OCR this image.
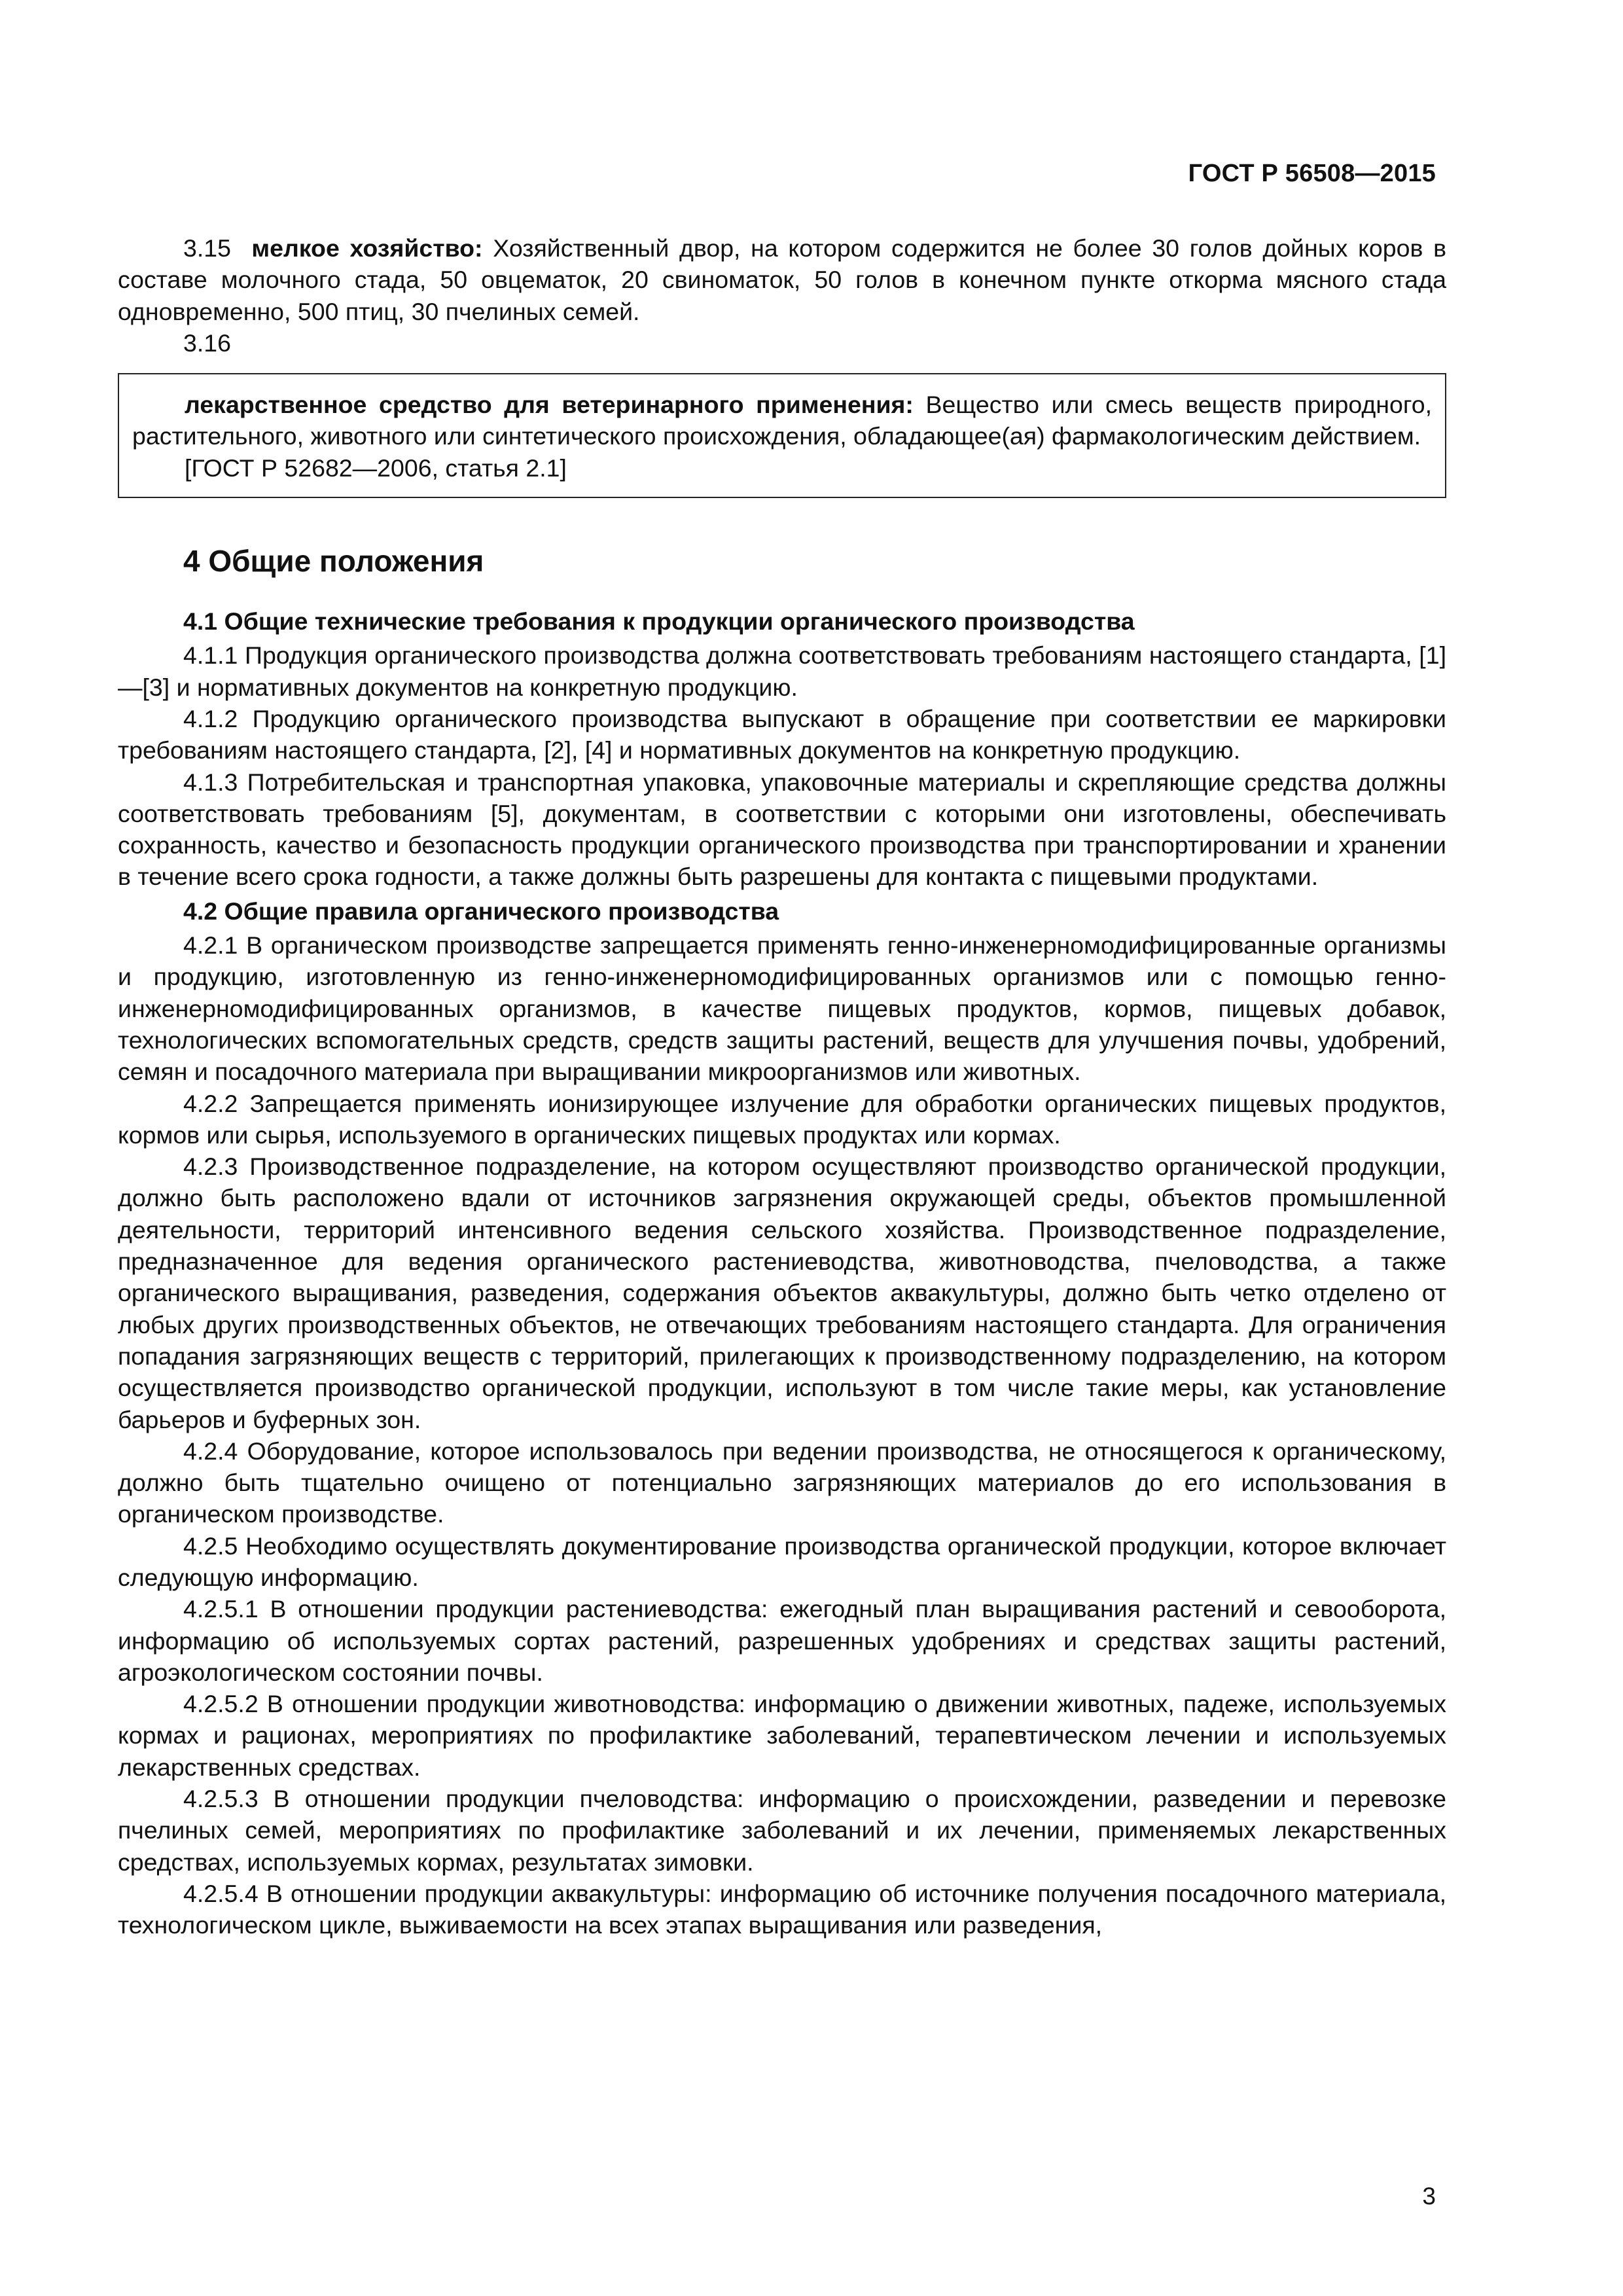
ГОСТ Р 56508—2015

3.15 мелкое хозяйство: Хозяйственный двор, на котором содержится не более 30 голов дойных коров в составе молочного стада, 50 овцематок, 20 свиноматок, 50 голов в конечном пункте откорма мясного стада одновременно, 500 птиц, 30 пчелиных семей.

3.16

лекарственное средство для ветеринарного применения: Вещество или смесь веществ природного, растительного, животного или синтетического происхождения, обладающее(ая) фармакологическим действием.

[ГОСТ Р 52682—2006, статья 2.1]

4 Общие положения
4.1 Общие технические требования к продукции органического производства

4.1.1 Продукция органического производства должна соответствовать требованиям настоящего стандарта, [1]—[3] и нормативных документов на конкретную продукцию.

4.1.2 Продукцию органического производства выпускают в обращение при соответствии ее маркировки требованиям настоящего стандарта, [2], [4] и нормативных документов на конкретную продукцию.

4.1.3 Потребительская и транспортная упаковка, упаковочные материалы и скрепляющие средства должны соответствовать требованиям [5], документам, в соответствии с которыми они изготовлены, обеспечивать сохранность, качество и безопасность продукции органического производства при транспортировании и хранении в течение всего срока годности, а также должны быть разрешены для контакта с пищевыми продуктами.

4.2 Общие правила органического производства

4.2.1 В органическом производстве запрещается применять генно-инженерномодифицированные организмы и продукцию, изготовленную из генно-инженерномодифицированных организмов или с помощью генно-инженерномодифицированных организмов, в качестве пищевых продуктов, кормов, пищевых добавок, технологических вспомогательных средств, средств защиты растений, веществ для улучшения почвы, удобрений, семян и посадочного материала при выращивании микроорганизмов или животных.

4.2.2 Запрещается применять ионизирующее излучение для обработки органических пищевых продуктов, кормов или сырья, используемого в органических пищевых продуктах или кормах.

4.2.3 Производственное подразделение, на котором осуществляют производство органической продукции, должно быть расположено вдали от источников загрязнения окружающей среды, объектов промышленной деятельности, территорий интенсивного ведения сельского хозяйства. Производственное подразделение, предназначенное для ведения органического растениеводства, животноводства, пчеловодства, а также органического выращивания, разведения, содержания объектов аквакультуры, должно быть четко отделено от любых других производственных объектов, не отвечающих требованиям настоящего стандарта. Для ограничения попадания загрязняющих веществ с территорий, прилегающих к производственному подразделению, на котором осуществляется производство органической продукции, используют в том числе такие меры, как установление барьеров и буферных зон.

4.2.4 Оборудование, которое использовалось при ведении производства, не относящегося к органическому, должно быть тщательно очищено от потенциально загрязняющих материалов до его использования в органическом производстве.

4.2.5 Необходимо осуществлять документирование производства органической продукции, которое включает следующую информацию.

4.2.5.1 В отношении продукции растениеводства: ежегодный план выращивания растений и севооборота, информацию об используемых сортах растений, разрешенных удобрениях и средствах защиты растений, агроэкологическом состоянии почвы.

4.2.5.2 В отношении продукции животноводства: информацию о движении животных, падеже, используемых кормах и рационах, мероприятиях по профилактике заболеваний, терапевтическом лечении и используемых лекарственных средствах.

4.2.5.3 В отношении продукции пчеловодства: информацию о происхождении, разведении и перевозке пчелиных семей, мероприятиях по профилактике заболеваний и их лечении, применяемых лекарственных средствах, используемых кормах, результатах зимовки.

4.2.5.4 В отношении продукции аквакультуры: информацию об источнике получения посадочного материала, технологическом цикле, выживаемости на всех этапах выращивания или разведения,

3
